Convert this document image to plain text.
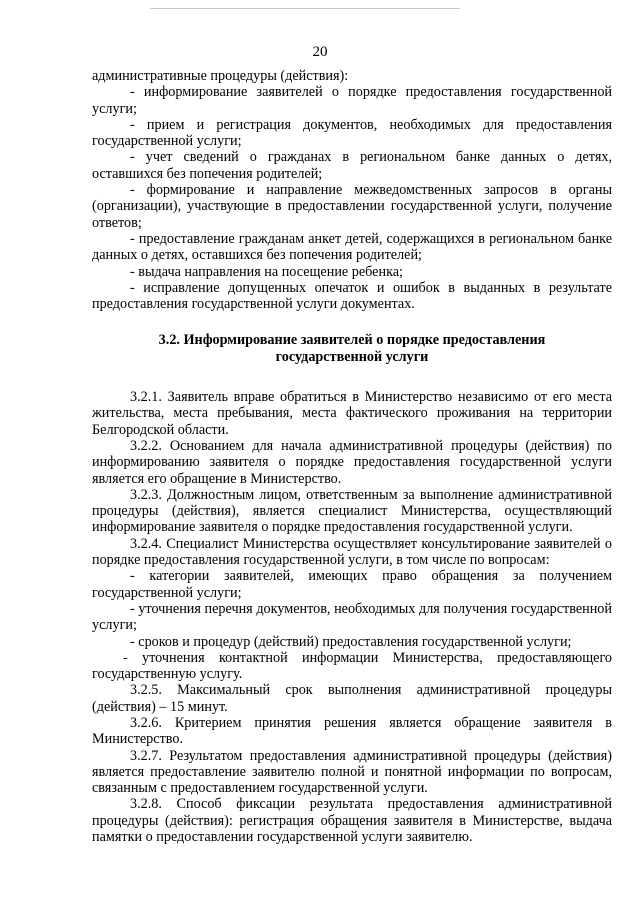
20

административные процедуры (действия):

- информирование заявителей о порядке предоставления государственной услуги;

- прием и регистрация документов, необходимых для предоставления государственной услуги;

- учет сведений о гражданах в региональном банке данных о детях, оставшихся без попечения родителей;

- формирование и направление межведомственных запросов в органы (организации), участвующие в предоставлении государственной услуги, получение ответов;

- предоставление гражданам анкет детей, содержащихся в региональном банке данных о детях, оставшихся без попечения родителей;

- выдача направления на посещение ребенка;

- исправление допущенных опечаток и ошибок в выданных в результате предоставления государственной услуги документах.

3.2. Информирование заявителей о порядке предоставления
государственной услуги

3.2.1. Заявитель вправе обратиться в Министерство независимо от его места жительства, места пребывания, места фактического проживания на территории Белгородской области.

3.2.2. Основанием для начала административной процедуры (действия) по информированию заявителя о порядке предоставления государственной услуги является его обращение в Министерство.

3.2.3. Должностным лицом, ответственным за выполнение административной процедуры (действия), является специалист Министерства, осуществляющий информирование заявителя о порядке предоставления государственной услуги.

3.2.4. Специалист Министерства осуществляет консультирование заявителей о порядке предоставления государственной услуги, в том числе по вопросам:

- категории заявителей, имеющих право обращения за получением государственной услуги;

- уточнения перечня документов, необходимых для получения государственной услуги;

- сроков и процедур (действий) предоставления государственной услуги;

- уточнения контактной информации Министерства, предоставляющего государственную услугу.

3.2.5. Максимальный срок выполнения административной процедуры (действия) – 15 минут.

3.2.6. Критерием принятия решения является обращение заявителя в Министерство.

3.2.7. Результатом предоставления административной процедуры (действия) является предоставление заявителю полной и понятной информации по вопросам, связанным с предоставлением государственной услуги.

3.2.8. Способ фиксации результата предоставления административной процедуры (действия): регистрация обращения заявителя в Министерстве, выдача памятки о предоставлении государственной услуги заявителю.
